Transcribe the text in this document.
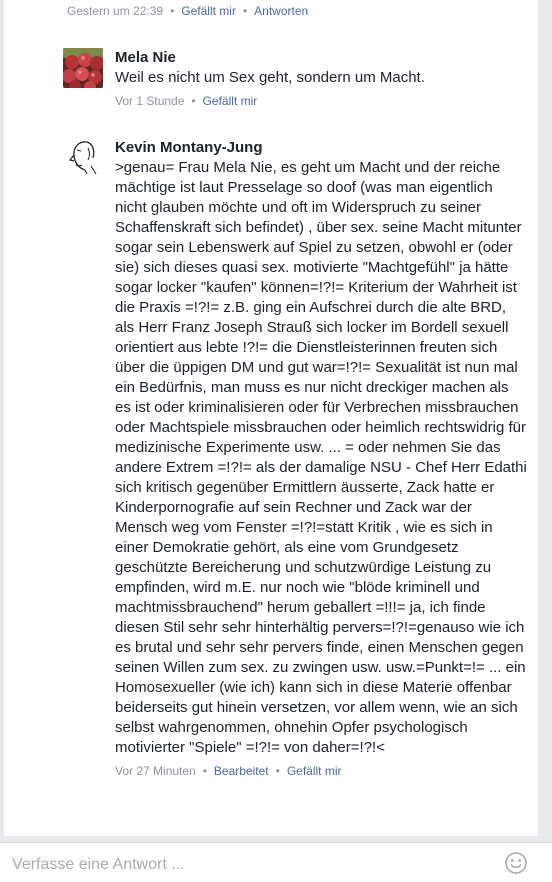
Gestern um 22:39 • Gefällt mir • Antworten
Mela Nie
Weil es nicht um Sex geht, sondern um Macht.
Vor 1 Stunde • Gefällt mir
Kevin Montany-Jung
>genau= Frau Mela Nie, es geht um Macht und der reiche mächtige ist laut Presselage so doof (was man eigentlich nicht glauben möchte und oft im Widerspruch zu seiner Schaffenskraft sich befindet) , über sex. seine Macht mitunter sogar sein Lebenswerk auf Spiel zu setzen, obwohl er (oder sie) sich dieses quasi sex. motivierte "Machtgefühl" ja hätte sogar locker "kaufen" können=!?!= Kriterium der Wahrheit ist die Praxis =!?!= z.B. ging ein Aufschrei durch die alte BRD, als Herr Franz Joseph Strauß sich locker im Bordell sexuell orientiert aus lebte !?!= die Dienstleisterinnen freuten sich über die üppigen DM und gut war=!?!= Sexualität ist nun mal ein Bedürfnis, man muss es nur nicht dreckiger machen als es ist oder kriminalisieren oder für Verbrechen missbrauchen oder Machtspiele missbrauchen oder heimlich rechtswidrig für medizinische Experimente usw. ... = oder nehmen Sie das andere Extrem =!?!= als der damalige NSU - Chef Herr Edathi sich kritisch gegenüber Ermittlern äusserte, Zack hatte er Kinderpornografie auf sein Rechner und Zack war der Mensch weg vom Fenster =!?!=statt Kritik , wie es sich in einer Demokratie gehört, als eine vom Grundgesetz geschützte Bereicherung und schutzwürdige Leistung zu empfinden, wird m.E. nur noch wie "blöde kriminell und machtmissbrauchend" herum geballert =!!!= ja, ich finde diesen Stil sehr sehr hinterhältig pervers=!?!=genauso wie ich es brutal und sehr sehr pervers finde, einen Menschen gegen seinen Willen zum sex. zu zwingen usw. usw.=Punkt=!= ... ein Homosexueller (wie ich) kann sich in diese Materie offenbar beiderseits gut hinein versetzen, vor allem wenn, wie an sich selbst wahrgenommen, ohnehin Opfer psychologisch motivierter "Spiele" =!?!= von daher=!?!<
Vor 27 Minuten • Bearbeitet • Gefällt mir
Verfasse eine Antwort ...
